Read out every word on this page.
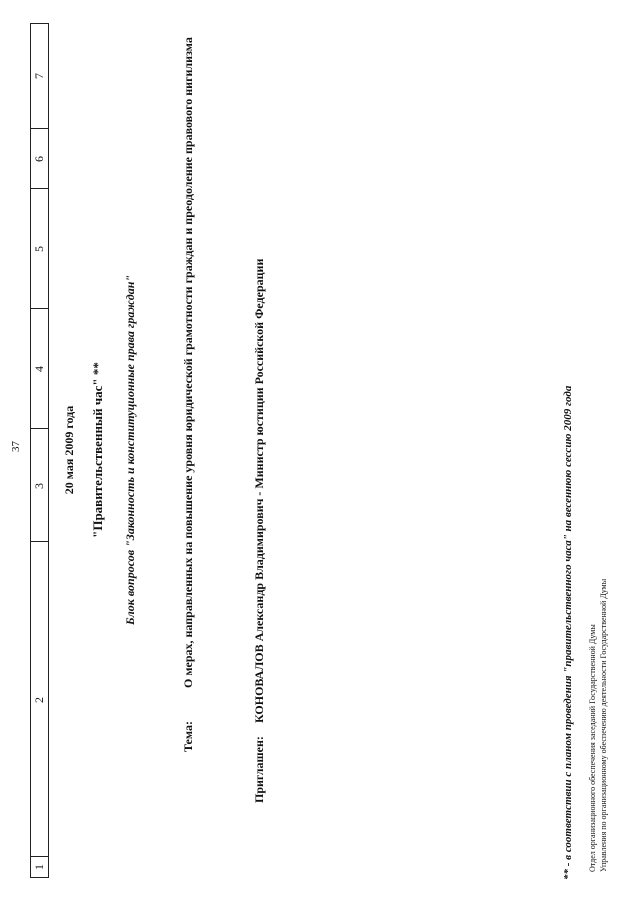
37
1
2
3
4
5
6
7
20 мая 2009 года "Правительственный час" ** Блок вопросов "Законность и конституционные права граждан"
Тема:
О мерах, направленных на повышение уровня юридической грамотности граждан и преодоление правового нигилизма
Приглашен:
КОНОВАЛОВ Александр Владимирович - Министр юстиции Российской Федерации	** - в соответствии с планом проведения "правительственного часа" на весеннюю сессию 2009 года Отдел организационного обеспечения заседаний Государственной Думы Управления по организационному обеспечению деятельности Государственной Думы
